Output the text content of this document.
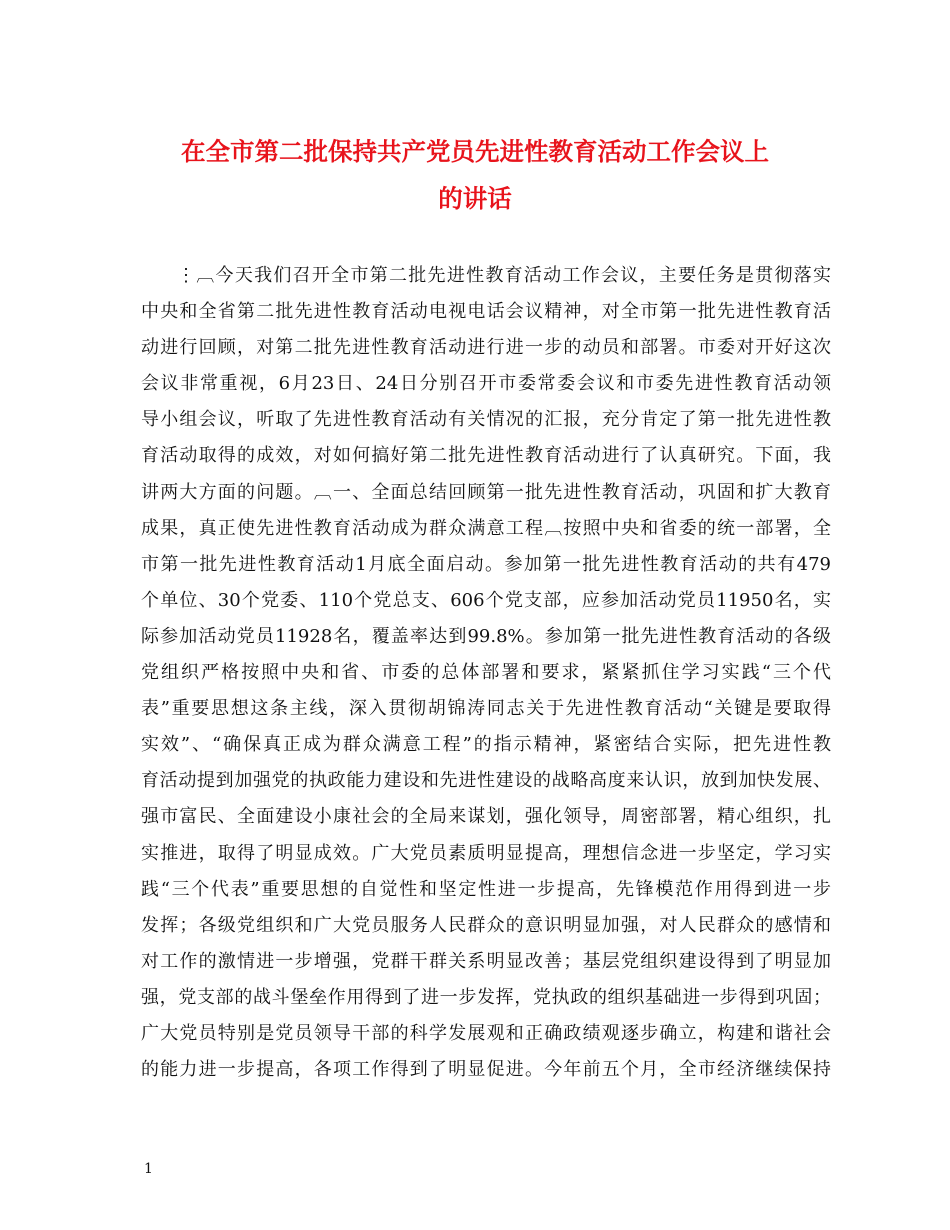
在全市第二批保持共产党员先进性教育活动工作会议上
的讲话
⋮︹今天我们召开全市第二批先进性教育活动工作会议，主要任务是贯彻落实
中央和全省第二批先进性教育活动电视电话会议精神，对全市第一批先进性教育活
动进行回顾，对第二批先进性教育活动进行进一步的动员和部署。市委对开好这次
会议非常重视，6月23日、24日分别召开市委常委会议和市委先进性教育活动领
导小组会议，听取了先进性教育活动有关情况的汇报，充分肯定了第一批先进性教
育活动取得的成效，对如何搞好第二批先进性教育活动进行了认真研究。下面，我
讲两大方面的问题。︹一、全面总结回顾第一批先进性教育活动，巩固和扩大教育
成果，真正使先进性教育活动成为群众满意工程︹按照中央和省委的统一部署，全
市第一批先进性教育活动1月底全面启动。参加第一批先进性教育活动的共有479
个单位、30个党委、110个党总支、606个党支部，应参加活动党员11950名，实
际参加活动党员11928名，覆盖率达到99.8%。参加第一批先进性教育活动的各级
党组织严格按照中央和省、市委的总体部署和要求，紧紧抓住学习实践“三个代
表”重要思想这条主线，深入贯彻胡锦涛同志关于先进性教育活动“关键是要取得
实效”、“确保真正成为群众满意工程”的指示精神，紧密结合实际，把先进性教
育活动提到加强党的执政能力建设和先进性建设的战略高度来认识，放到加快发展、
强市富民、全面建设小康社会的全局来谋划，强化领导，周密部署，精心组织，扎
实推进，取得了明显成效。广大党员素质明显提高，理想信念进一步坚定，学习实
践“三个代表”重要思想的自觉性和坚定性进一步提高，先锋模范作用得到进一步
发挥；各级党组织和广大党员服务人民群众的意识明显加强，对人民群众的感情和
对工作的激情进一步增强，党群干群关系明显改善；基层党组织建设得到了明显加
强，党支部的战斗堡垒作用得到了进一步发挥，党执政的组织基础进一步得到巩固；
广大党员特别是党员领导干部的科学发展观和正确政绩观逐步确立，构建和谐社会
的能力进一步提高，各项工作得到了明显促进。今年前五个月，全市经济继续保持
1
